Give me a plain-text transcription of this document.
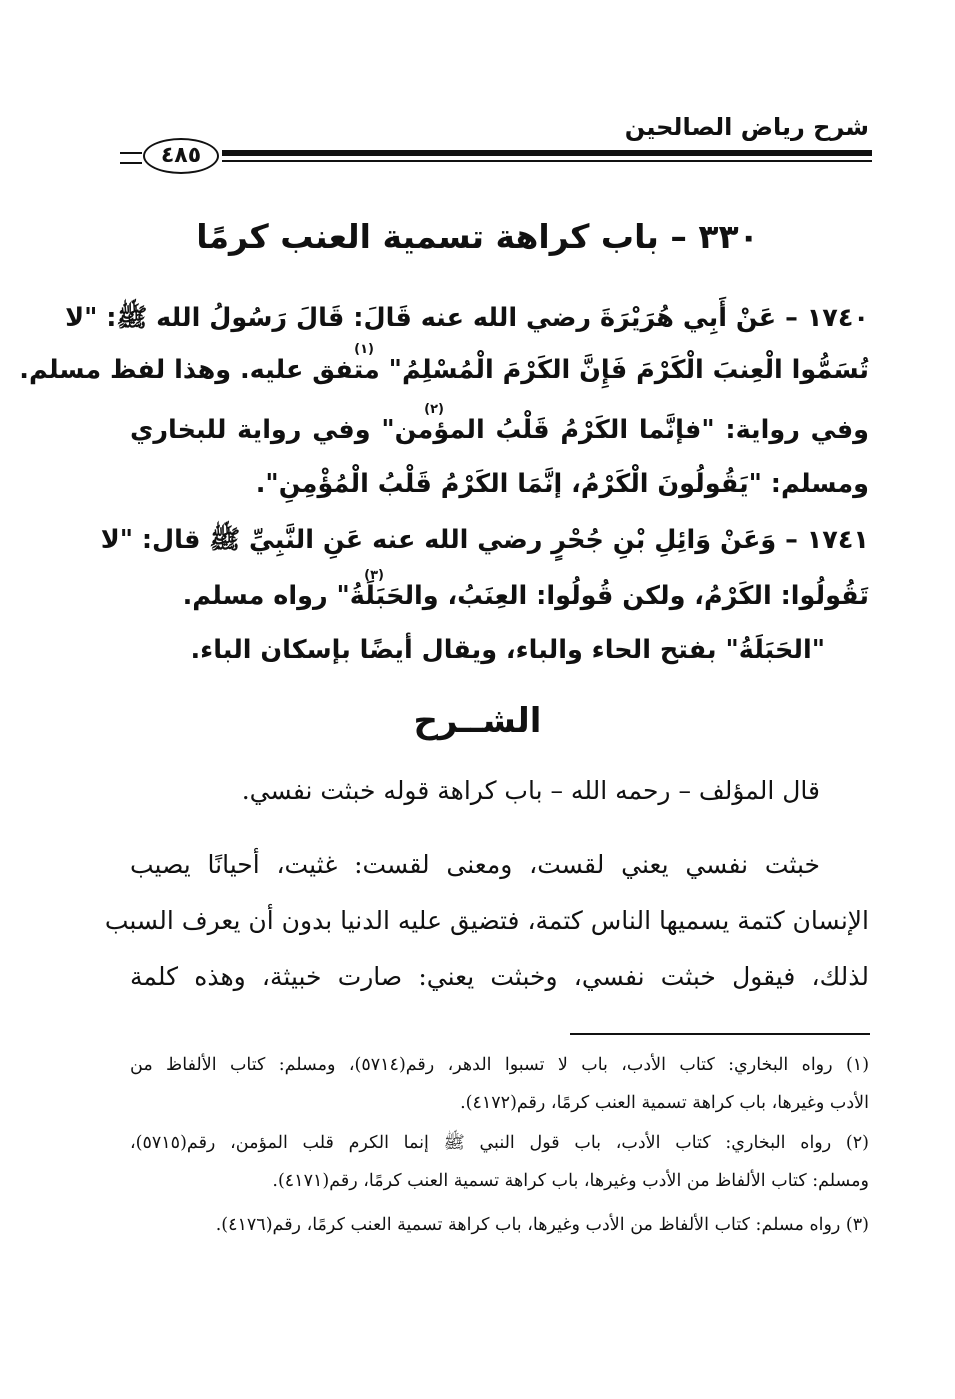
شرح رياض الصالحين
٤٨٥
٣٣٠ – باب كراهة تسمية العنب كرمًا
١٧٤٠ – عَنْ أَبِي هُرَيْرَةَ رضي الله عنه قَالَ: قَالَ رَسُولُ الله ﷺ: "لا
تُسَمُّوا الْعِنبَ الْكَرْمَ فَإِنَّ الكَرْمَ الْمُسْلِمُ" متفق عليه. وهذا لفظ مسلم.
(١)
وفي رواية: "فإنَّما الكَرْمُ قَلْبُ المؤمن" وفي رواية للبخاري
(٢)
ومسلم: "يَقُولُونَ الْكَرْمُ، إنَّمَا الكَرْمُ قَلْبُ الْمُؤْمِنِ".
١٧٤١ – وَعَنْ وَائِلِ بْنِ جُحْرٍ رضي الله عنه عَنِ النَّبِيِّ ﷺ قال: "لا
تَقُولُوا: الكَرْمُ، ولكن قُولُوا: العِنَبُ، والحَبَلَةُ" رواه مسلم.
(٣)
"الحَبَلَةُ" بفتح الحاء والباء، ويقال أيضًا بإسكان الباء.
الشــرح
قال المؤلف – رحمه الله – باب كراهة قوله خبثت نفسي.
خبثت نفسي يعني لقست، ومعنى لقست: غثيت، أحيانًا يصيب
الإنسان كتمة يسميها الناس كتمة، فتضيق عليه الدنيا بدون أن يعرف السبب
لذلك، فيقول خبثت نفسي، وخبثت يعني: صارت خبيثة، وهذه كلمة
(١) رواه البخاري: كتاب الأدب، باب لا تسبوا الدهر، رقم(٥٧١٤)، ومسلم: كتاب الألفاظ من
الأدب وغيرها، باب كراهة تسمية العنب كرمًا، رقم(٤١٧٢).
(٢) رواه البخاري: كتاب الأدب، باب قول النبي ﷺ إنما الكرم قلب المؤمن، رقم(٥٧١٥)،
ومسلم: كتاب الألفاظ من الأدب وغيرها، باب كراهة تسمية العنب كرمًا، رقم(٤١٧١).
(٣) رواه مسلم: كتاب الألفاظ من الأدب وغيرها، باب كراهة تسمية العنب كرمًا، رقم(٤١٧٦).
